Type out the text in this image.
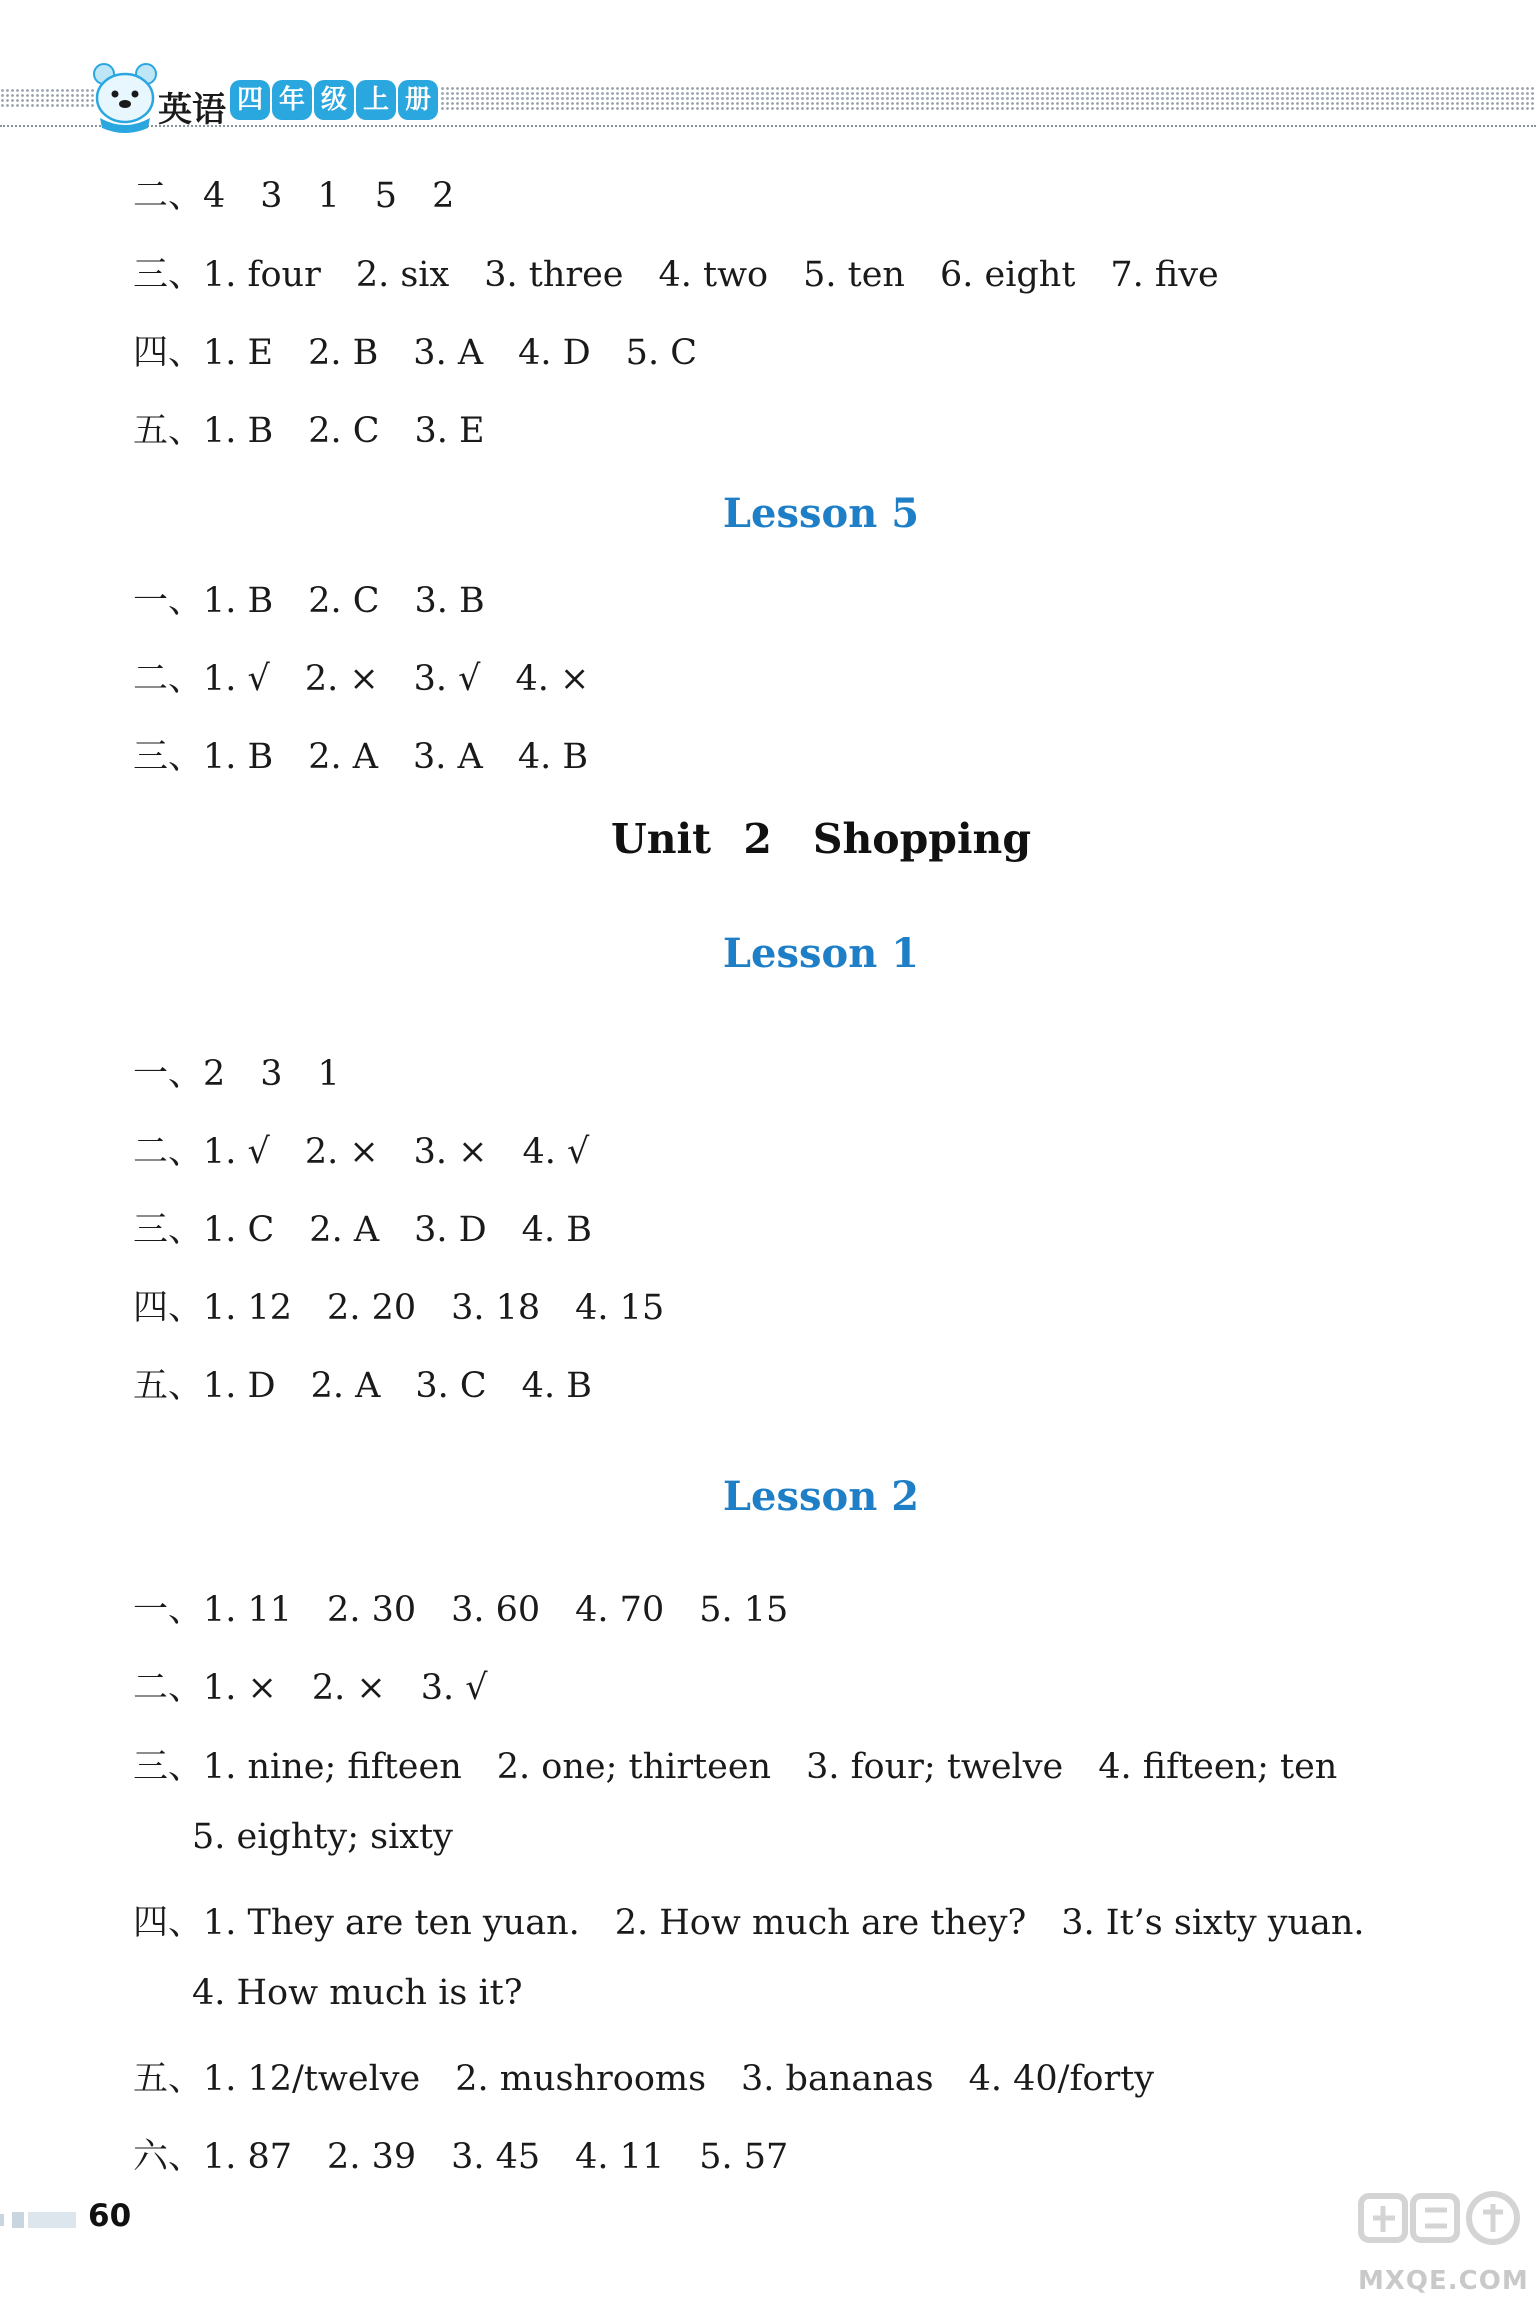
英语 四 年 级 上 册
二、4　3　1　5　2
三、1. four　2. six　3. three　4. two　5. ten　6. eight　7. five
四、1. E　2. B　3. A　4. D　5. C
五、1. B　2. C　3. E
Lesson 5
一、1. B　2. C　3. B
二、1. √　2. ×　3. √　4. ×
三、1. B　2. A　3. A　4. B
Unit 2　Shopping
Lesson 1
一、2　3　1
二、1. √　2. ×　3. ×　4. √
三、1. C　2. A　3. D　4. B
四、1. 12　2. 20　3. 18　4. 15
五、1. D　2. A　3. C　4. B
Lesson 2
一、1. 11　2. 30　3. 60　4. 70　5. 15
二、1. ×　2. ×　3. √
三、1. nine; fifteen　2. one; thirteen　3. four; twelve　4. fifteen; ten
5. eighty; sixty
四、1. They are ten yuan.　2. How much are they?　3. It’s sixty yuan.
4. How much is it?
五、1. 12/twelve　2. mushrooms　3. bananas　4. 40/forty
六、1. 87　2. 39　3. 45　4. 11　5. 57
60
MXQE.COM
